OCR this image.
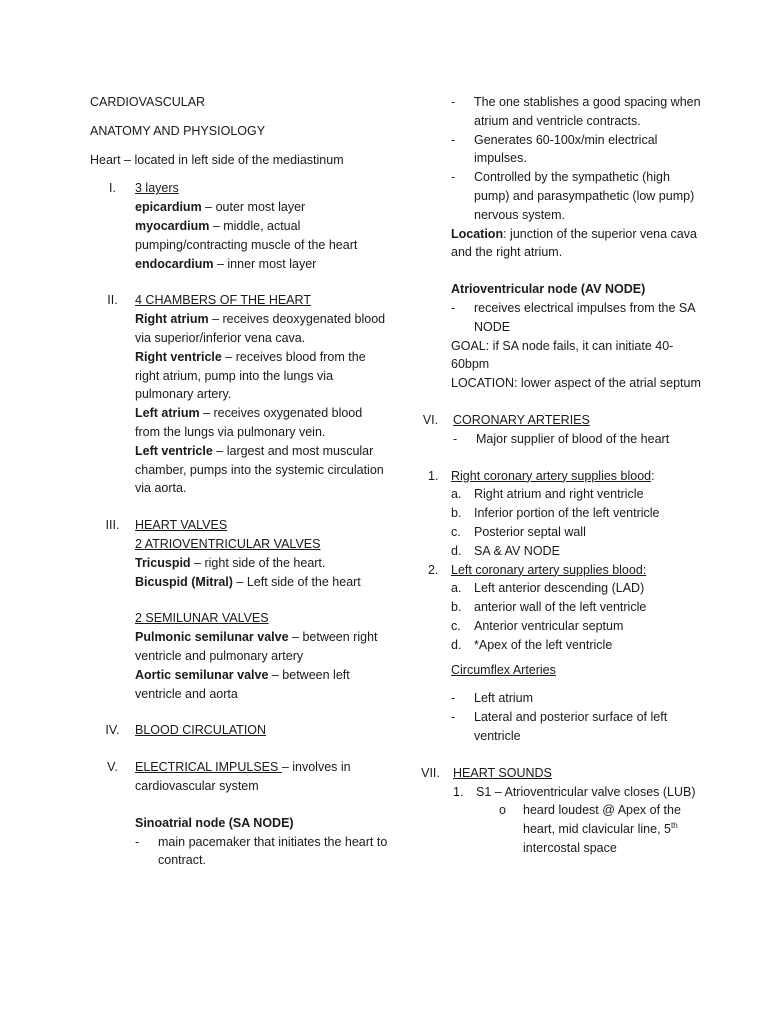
CARDIOVASCULAR

ANATOMY AND PHYSIOLOGY

Heart – located in left side of the mediastinum

I.	3 layers

epicardium – outer most layer

myocardium – middle, actual pumping/contracting muscle of the heart

endocardium – inner most layer

II.	4 CHAMBERS OF THE HEART

Right atrium – receives deoxygenated blood via superior/inferior vena cava.

Right ventricle – receives blood from the right atrium, pump into the lungs via pulmonary artery.

Left atrium – receives oxygenated blood from the lungs via pulmonary vein.

Left ventricle – largest and most muscular chamber, pumps into the systemic circulation via aorta.

III.	HEART VALVES

2 ATRIOVENTRICULAR VALVES

Tricuspid – right side of the heart.

Bicuspid (Mitral) – Left side of the heart

2 SEMILUNAR VALVES

Pulmonic semilunar valve – between right ventricle and pulmonary artery

Aortic semilunar valve – between left ventricle and aorta

IV.	BLOOD CIRCULATION

V.	ELECTRICAL IMPULSES – involves in cardiovascular system

Sinoatrial node (SA NODE)

-	main pacemaker that initiates the heart to contract.
-	The one stablishes a good spacing when atrium and ventricle contracts.
-	Generates 60-100x/min electrical impulses.
-	Controlled by the sympathetic (high pump) and parasympathetic (low pump) nervous system.

Location: junction of the superior vena cava and the right atrium.

Atrioventricular node (AV NODE)

-	receives electrical impulses from the SA NODE

GOAL: if SA node fails, it can initiate 40-60bpm

LOCATION: lower aspect of the atrial septum

VI.	CORONARY ARTERIES

-	Major supplier of blood of the heart
1.	Right coronary artery supplies blood:
a.	Right atrium and right ventricle
b.	Inferior portion of the left ventricle
c.	Posterior septal wall
d.	SA & AV NODE
2.	Left coronary artery supplies blood:
a.	Left anterior descending (LAD)
b.	anterior wall of the left ventricle
c.	Anterior ventricular septum
d.	*Apex of the left ventricle

Circumflex Arteries

-	Left atrium
-	Lateral and posterior surface of left ventricle
VII.	HEART SOUNDS

1.	S1 – Atrioventricular valve closes (LUB)
o	heard loudest @ Apex of the heart, mid clavicular line, 5th intercostal space
